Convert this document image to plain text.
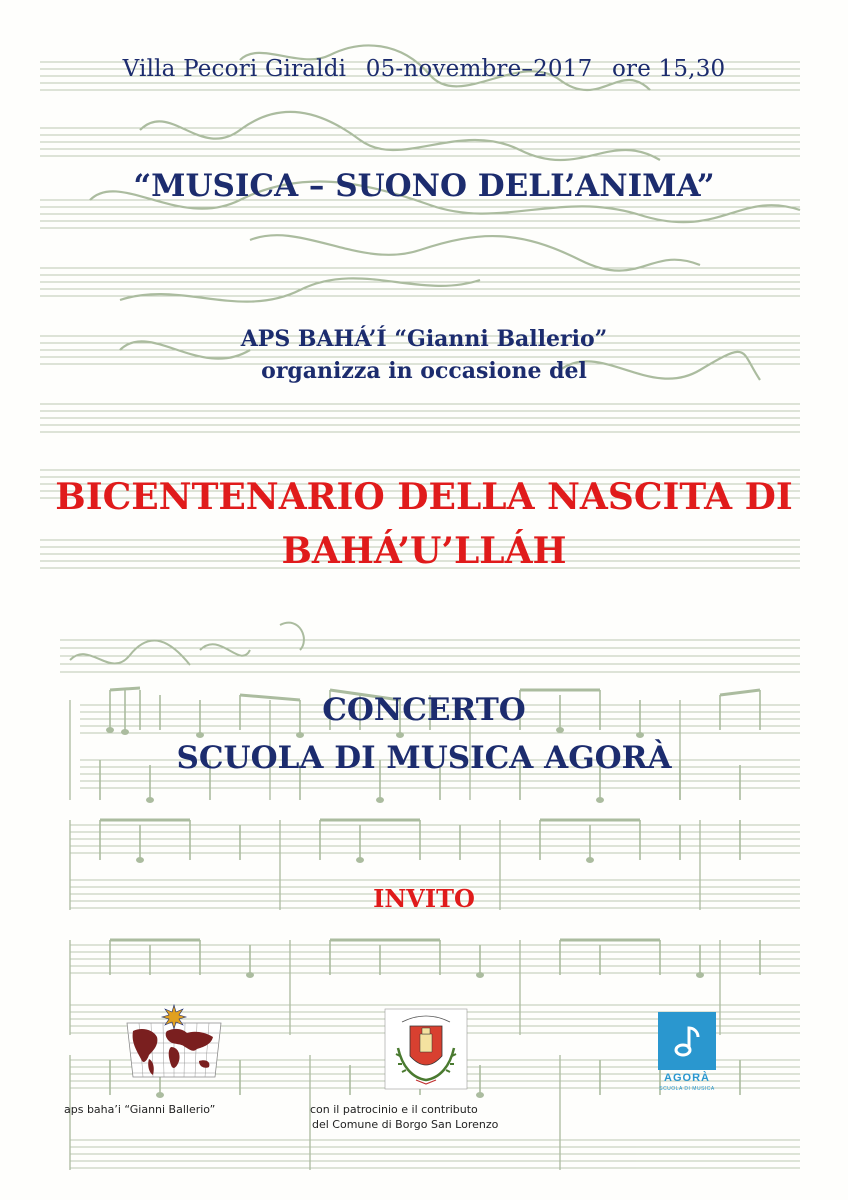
Villa Pecori Giraldi 05-novembre–2017 ore 15,30
“MUSICA – SUONO DELL’ANIMA”
APS BAHÁ’Í “Gianni Ballerio”
organizza in occasione del
BICENTENARIO DELLA NASCITA DI
BAHÁ’U’LLÁH
CONCERTO
SCUOLA DI MUSICA AGORÀ
INVITO
AGORÀ
SCUOLA DI MUSICA
aps baha’i “Gianni Ballerio”	con il patrocinio e il contributo
del Comune di Borgo San Lorenzo
